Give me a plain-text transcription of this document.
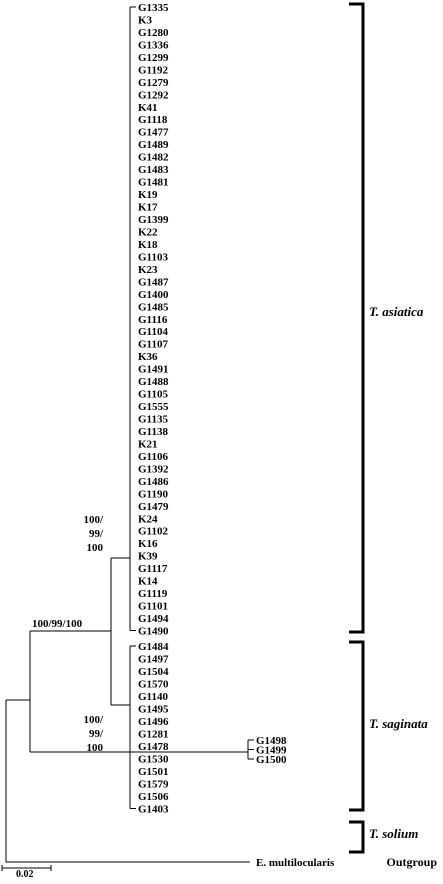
G1335
K3
G1280
G1336
G1299
G1192
G1279
G1292
K41
G1118
G1477
G1489
G1482
G1483
G1481
K19
K17
G1399
K22
K18
G1103
K23
G1487
G1400
G1485
G1116
G1104
G1107
K36
G1491
G1488
G1105
G1555
G1135
G1138
K21
G1106
G1392
G1486
G1190
G1479
K24
G1102
K16
K39
G1117
K14
G1119
G1101
G1494
G1490
G1484
G1497
G1504
G1570
G1140
G1495
G1496
G1281
G1478
G1530
G1501
G1579
G1506
G1403
100/
99/
100
100/
99/
100
100/99/100
G1498
G1499
G1500
E. multilocularis	Outgroup
T. asiatica
T. saginata
T. solium
0.02
